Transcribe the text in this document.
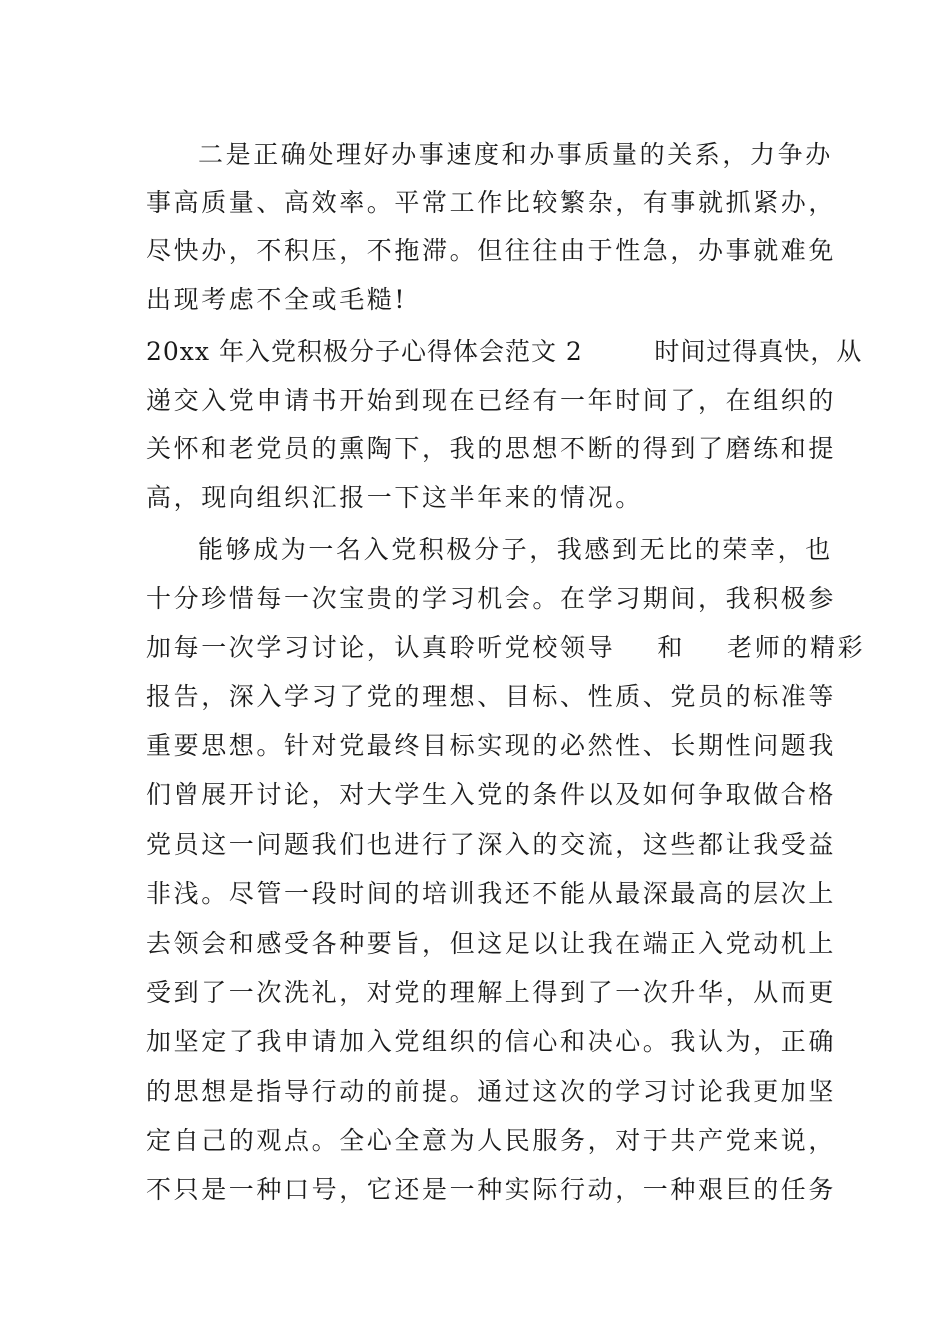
二是正确处理好办事速度和办事质量的关系，力争办
事高质量、高效率。平常工作比较繁杂，有事就抓紧办，
尽快办，不积压，不拖滞。但往往由于性急，办事就难免
出现考虑不全或毛糙!
20xx 年入党积极分子心得体会范文 2        时间过得真快，从
递交入党申请书开始到现在已经有一年时间了，在组织的
关怀和老党员的熏陶下，我的思想不断的得到了磨练和提
高，现向组织汇报一下这半年来的情况。
能够成为一名入党积极分子，我感到无比的荣幸，也
十分珍惜每一次宝贵的学习机会。在学习期间，我积极参
加每一次学习讨论，认真聆听党校领导    和    老师的精彩
报告，深入学习了党的理想、目标、性质、党员的标准等
重要思想。针对党最终目标实现的必然性、长期性问题我
们曾展开讨论，对大学生入党的条件以及如何争取做合格
党员这一问题我们也进行了深入的交流，这些都让我受益
非浅。尽管一段时间的培训我还不能从最深最高的层次上
去领会和感受各种要旨，但这足以让我在端正入党动机上
受到了一次洗礼，对党的理解上得到了一次升华，从而更
加坚定了我申请加入党组织的信心和决心。我认为，正确
的思想是指导行动的前提。通过这次的学习讨论我更加坚
定自己的观点。全心全意为人民服务，对于共产党来说，
不只是一种口号，它还是一种实际行动，一种艰巨的任务
